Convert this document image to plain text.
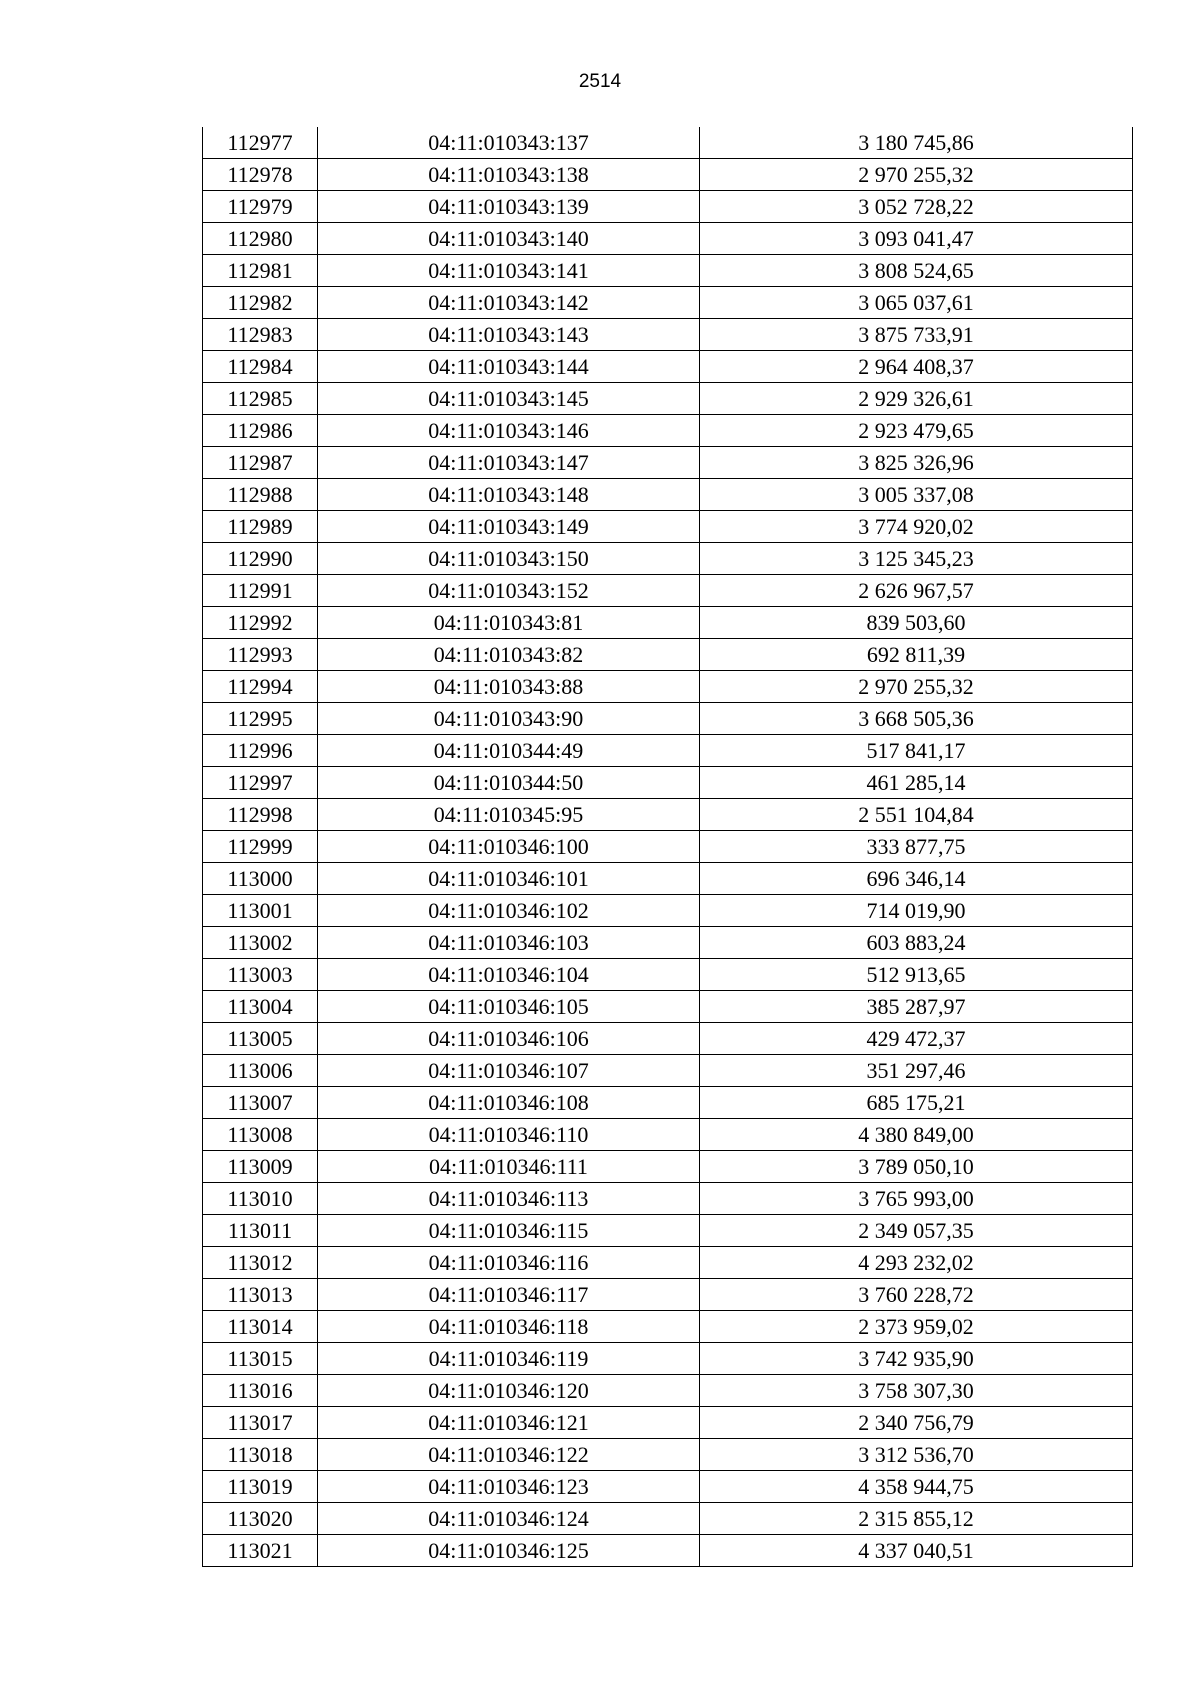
2514
112977	04:11:010343:137	3 180 745,86
112978	04:11:010343:138	2 970 255,32
112979	04:11:010343:139	3 052 728,22
112980	04:11:010343:140	3 093 041,47
112981	04:11:010343:141	3 808 524,65
112982	04:11:010343:142	3 065 037,61
112983	04:11:010343:143	3 875 733,91
112984	04:11:010343:144	2 964 408,37
112985	04:11:010343:145	2 929 326,61
112986	04:11:010343:146	2 923 479,65
112987	04:11:010343:147	3 825 326,96
112988	04:11:010343:148	3 005 337,08
112989	04:11:010343:149	3 774 920,02
112990	04:11:010343:150	3 125 345,23
112991	04:11:010343:152	2 626 967,57
112992	04:11:010343:81	839 503,60
112993	04:11:010343:82	692 811,39
112994	04:11:010343:88	2 970 255,32
112995	04:11:010343:90	3 668 505,36
112996	04:11:010344:49	517 841,17
112997	04:11:010344:50	461 285,14
112998	04:11:010345:95	2 551 104,84
112999	04:11:010346:100	333 877,75
113000	04:11:010346:101	696 346,14
113001	04:11:010346:102	714 019,90
113002	04:11:010346:103	603 883,24
113003	04:11:010346:104	512 913,65
113004	04:11:010346:105	385 287,97
113005	04:11:010346:106	429 472,37
113006	04:11:010346:107	351 297,46
113007	04:11:010346:108	685 175,21
113008	04:11:010346:110	4 380 849,00
113009	04:11:010346:111	3 789 050,10
113010	04:11:010346:113	3 765 993,00
113011	04:11:010346:115	2 349 057,35
113012	04:11:010346:116	4 293 232,02
113013	04:11:010346:117	3 760 228,72
113014	04:11:010346:118	2 373 959,02
113015	04:11:010346:119	3 742 935,90
113016	04:11:010346:120	3 758 307,30
113017	04:11:010346:121	2 340 756,79
113018	04:11:010346:122	3 312 536,70
113019	04:11:010346:123	4 358 944,75
113020	04:11:010346:124	2 315 855,12
113021	04:11:010346:125	4 337 040,51
